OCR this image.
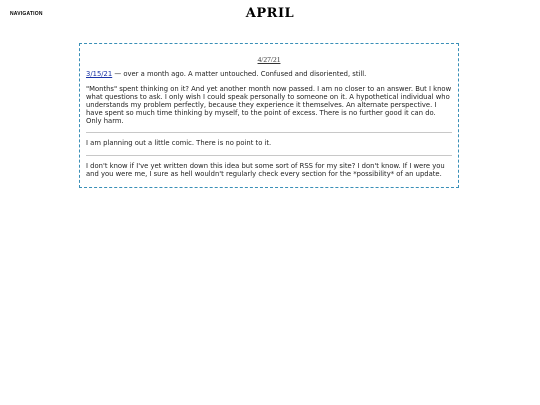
NAVIGATION	APRIL
4/27/21

3/15/21 — over a month ago. A matter untouched. Confused and disoriented, still.

"Months" spent thinking on it? And yet another month now passed. I am no closer to an answer. But I know what questions to ask. I only wish I could speak personally to someone on it. A hypothetical individual who understands my problem perfectly, because they experience it themselves. An alternate perspective. I have spent so much time thinking by myself, to the point of excess. There is no further good it can do. Only harm.

I am planning out a little comic. There is no point to it.

I don't know if I've yet written down this idea but some sort of RSS for my site? I don't know. If I were you and you were me, I sure as hell wouldn't regularly check every section for the *possibility* of an update.
